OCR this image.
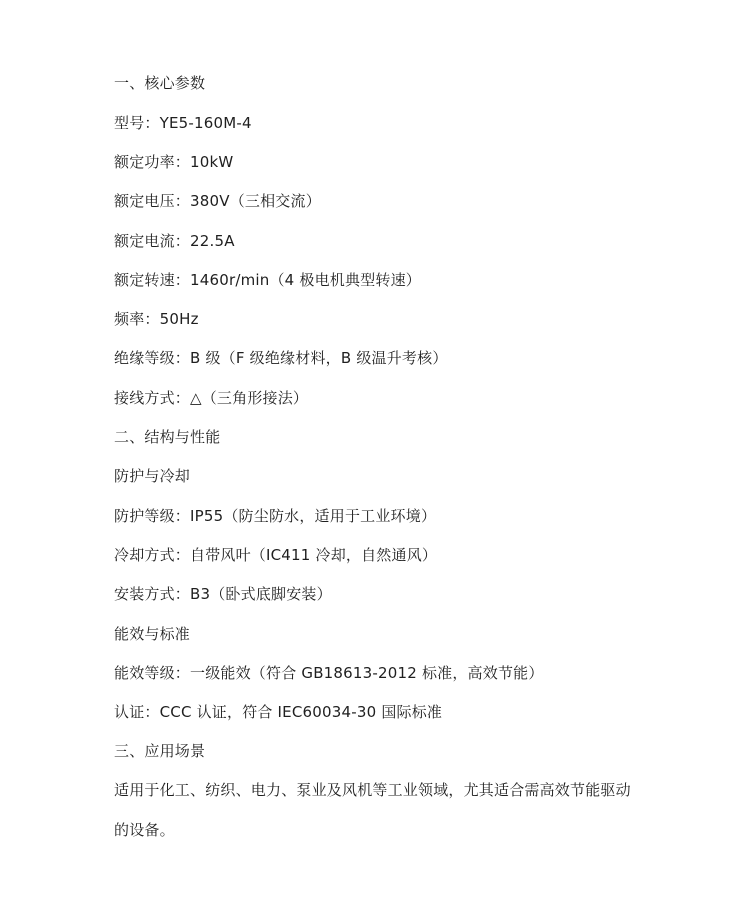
一、核心参数
型号：YE5-160M-4
额定功率：10kW
额定电压：380V（三相交流）
额定电流：22.5A
额定转速：1460r/min（4 极电机典型转速）
频率：50Hz
绝缘等级：B 级（F 级绝缘材料，B 级温升考核）
接线方式：△（三角形接法）
二、结构与性能
防护与冷却
防护等级：IP55（防尘防水，适用于工业环境）
冷却方式：自带风叶（IC411 冷却，自然通风）
安装方式：B3（卧式底脚安装）
能效与标准
能效等级：一级能效（符合 GB18613-2012 标准，高效节能）
认证：CCC 认证，符合 IEC60034-30 国际标准
三、应用场景
适用于化工、纺织、电力、泵业及风机等工业领域，尤其适合需高效节能驱动的设备。
